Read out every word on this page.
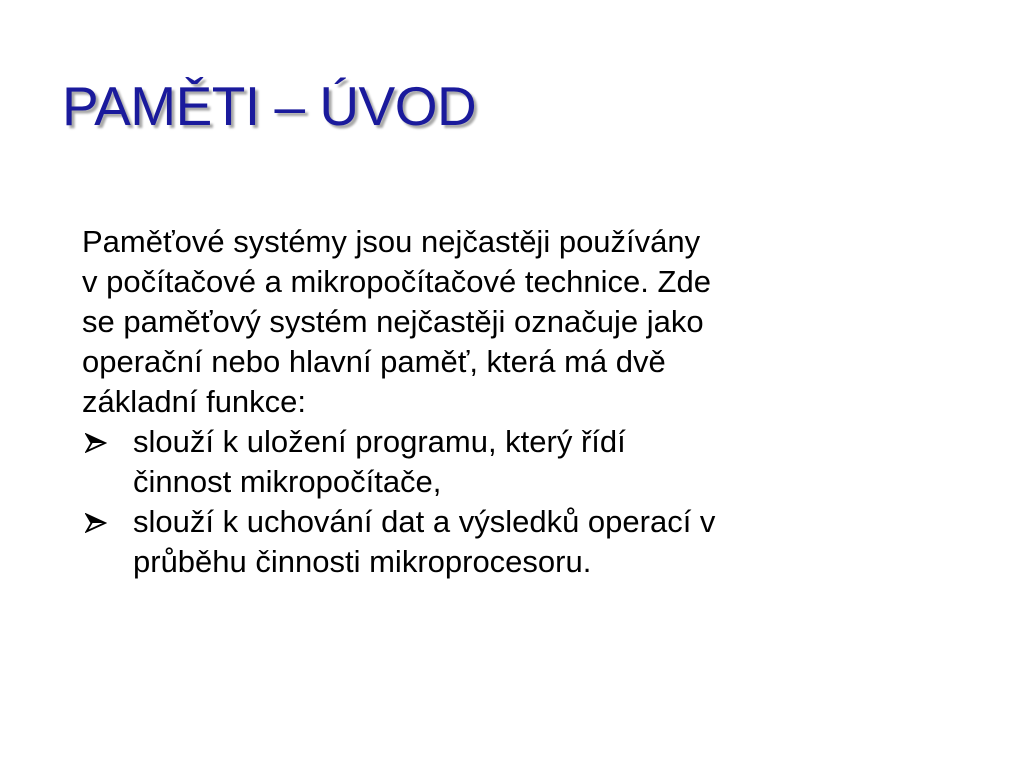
PAMĚTI – ÚVOD
Paměťové systémy jsou nejčastěji používány
v počítačové a mikropočítačové technice. Zde
se paměťový systém nejčastěji označuje jako
operační nebo hlavní paměť, která má dvě
základní funkce:
slouží k uložení programu, který řídí
činnost mikropočítače,
slouží k uchování dat a výsledků operací v
průběhu činnosti mikroprocesoru.
